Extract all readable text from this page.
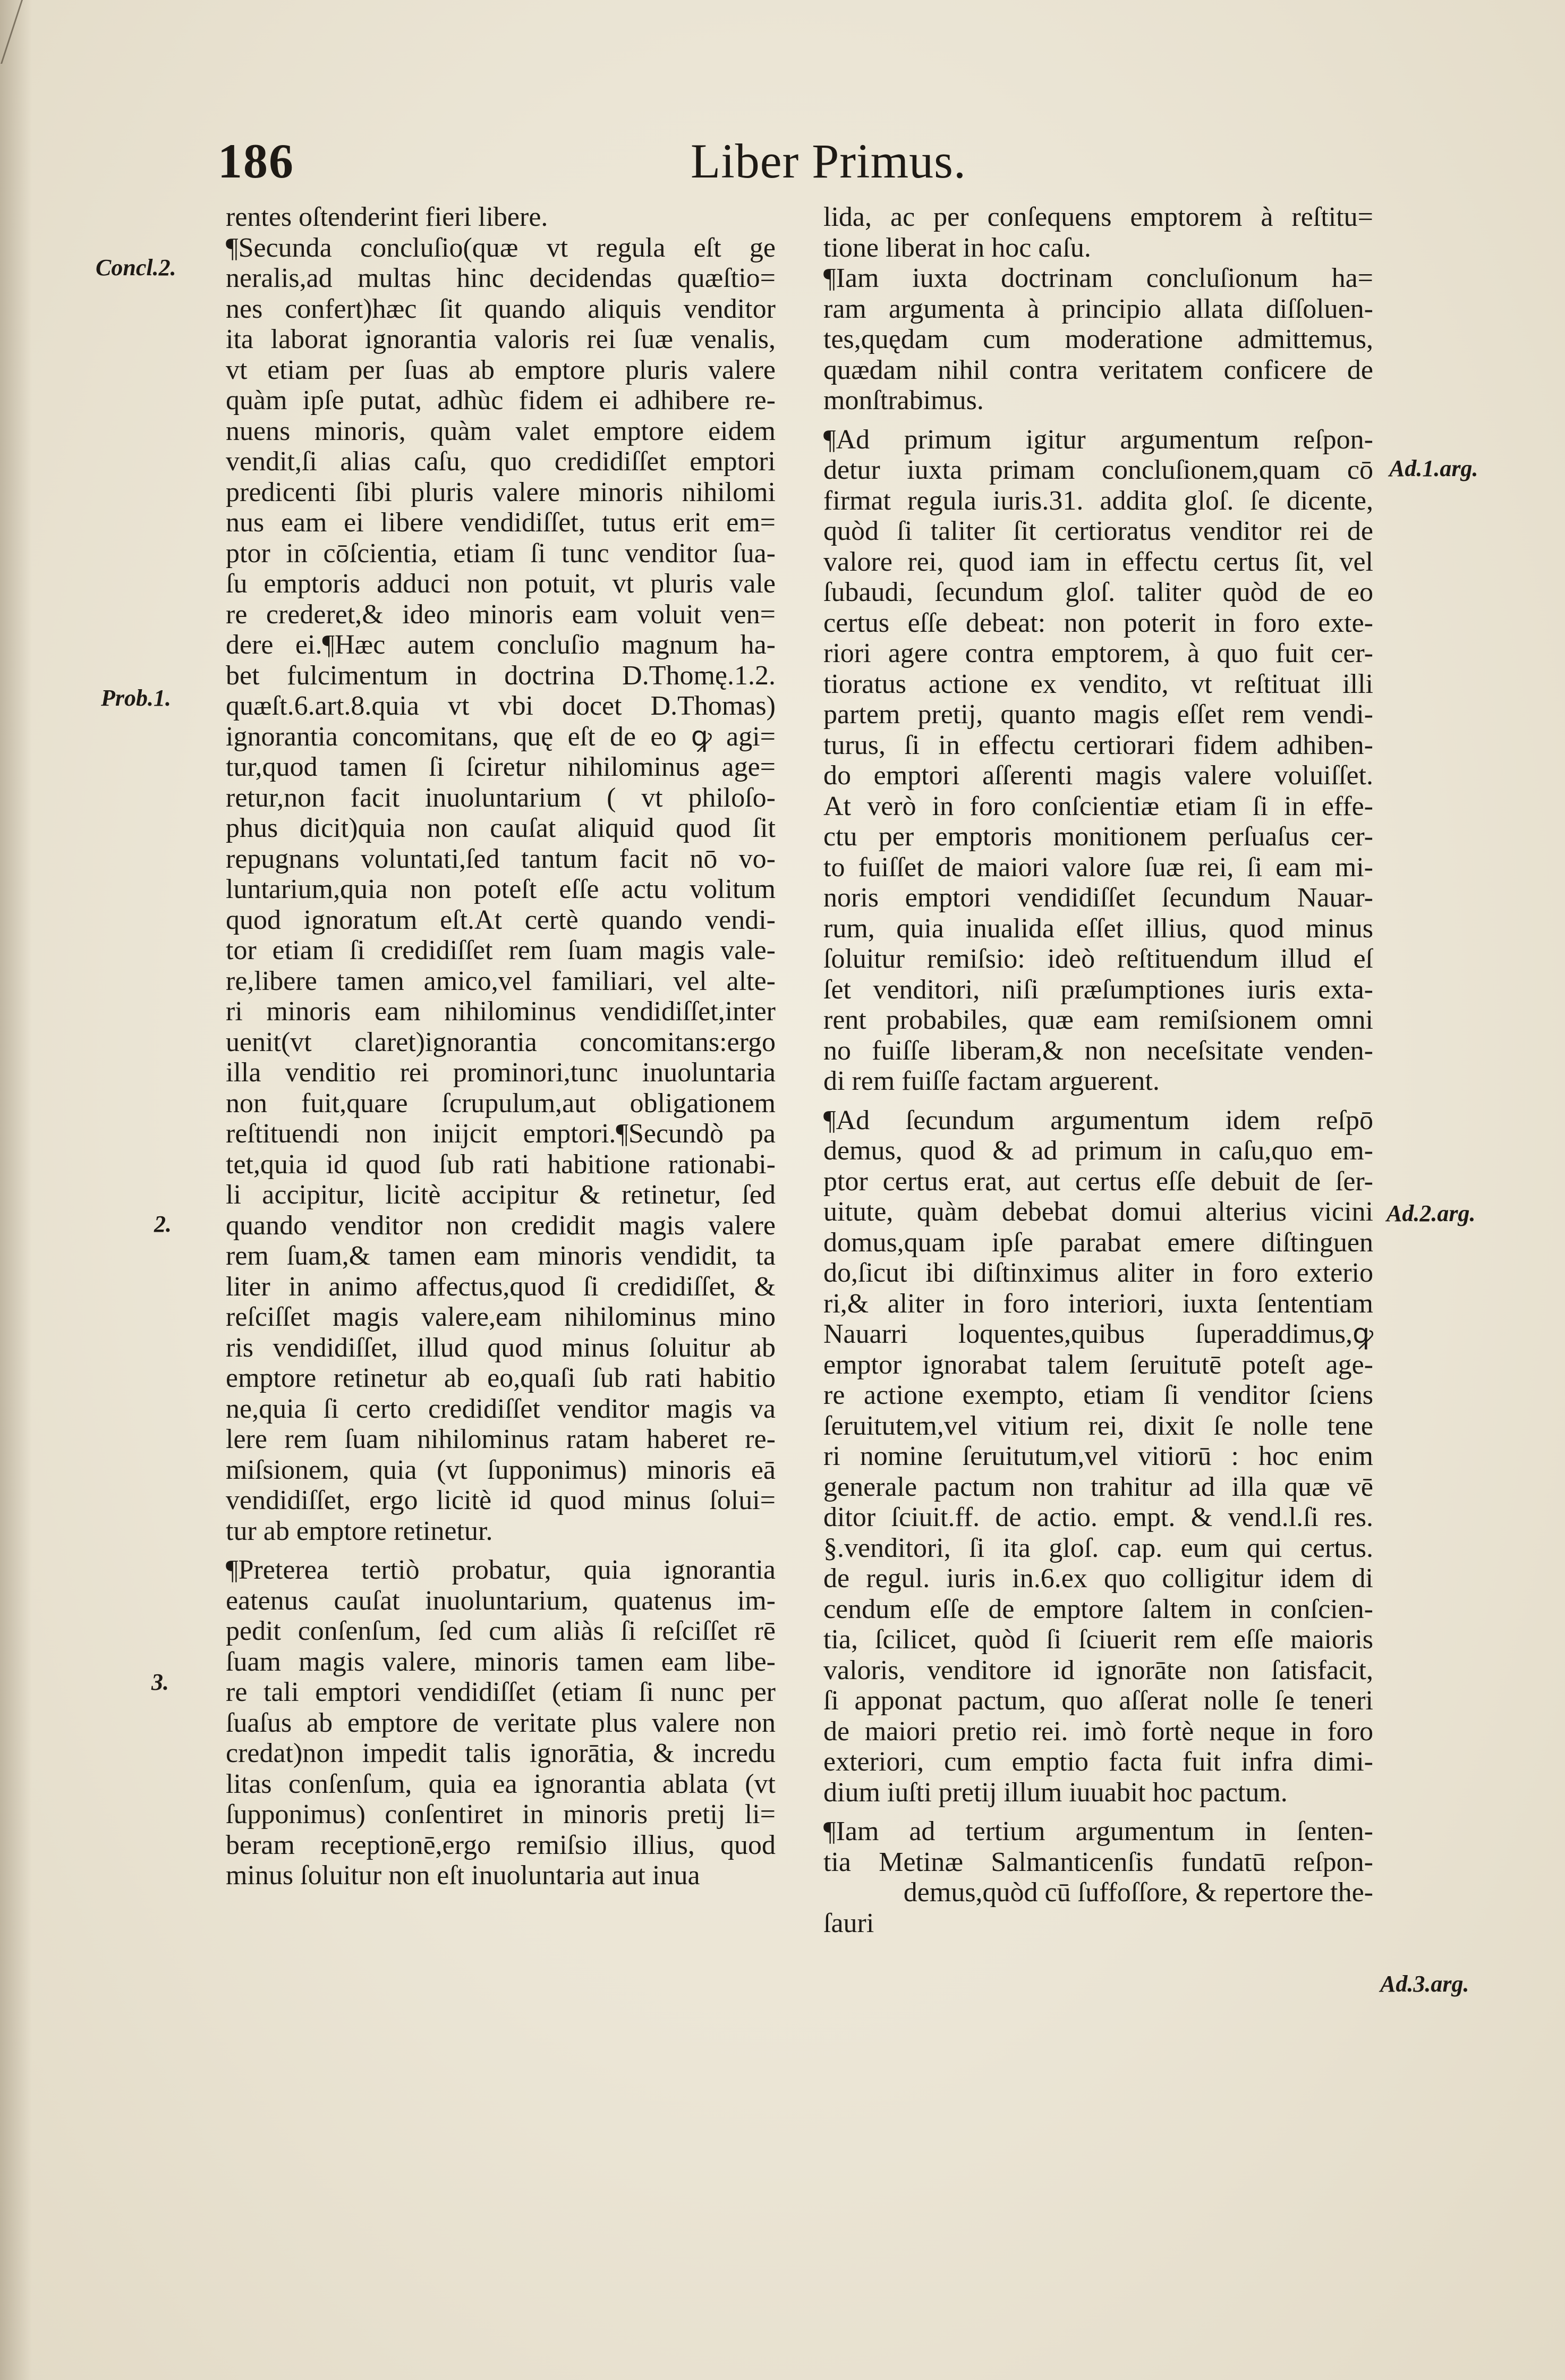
186	Liber Primus.
Concl.2.
Prob.1.
2.
3.
Ad.1.arg.
Ad.2.arg.
Ad.3.arg.
rentes oſtenderint fieri libere.
¶Secunda concluſio(quæ vt regula eſt ge
neralis,ad multas hinc decidendas quæſtio=
nes confert)hæc ſit quando aliquis venditor
ita laborat ignorantia valoris rei ſuæ venalis,
vt etiam per ſuas ab emptore pluris valere
quàm ipſe putat, adhùc fidem ei adhibere re-
nuens minoris, quàm valet emptore eidem
vendit,ſi alias caſu, quo credidiſſet emptori
predicenti ſibi pluris valere minoris nihilomi
nus eam ei libere vendidiſſet, tutus erit em=
ptor in cōſcientia, etiam ſi tunc venditor ſua-
ſu emptoris adduci non potuit, vt pluris vale
re crederet,& ideo minoris eam voluit ven=
dere ei.¶Hæc autem concluſio magnum ha-
bet fulcimentum in doctrina D.Thomę.1.2.
quæſt.6.art.8.quia vt vbi docet D.Thomas)
ignorantia concomitans, quę eſt de eo ꝙ agi=
tur,quod tamen ſi ſciretur nihilominus age=
retur,non facit inuoluntarium ( vt philoſo-
phus dicit)quia non cauſat aliquid quod ſit
repugnans voluntati,ſed tantum facit nō vo-
luntarium,quia non poteſt eſſe actu volitum
quod ignoratum eſt.At certè quando vendi-
tor etiam ſi credidiſſet rem ſuam magis vale-
re,libere tamen amico,vel familiari, vel alte-
ri minoris eam nihilominus vendidiſſet,inter
uenit(vt claret)ignorantia concomitans:ergo
illa venditio rei prominori,tunc inuoluntaria
non fuit,quare ſcrupulum,aut obligationem
reſtituendi non inijcit emptori.¶Secundò pa
tet,quia id quod ſub rati habitione rationabi-
li accipitur, licitè accipitur & retinetur, ſed
quando venditor non credidit magis valere
rem ſuam,& tamen eam minoris vendidit, ta
liter in animo affectus,quod ſi credidiſſet, &
reſciſſet magis valere,eam nihilominus mino
ris vendidiſſet, illud quod minus ſoluitur ab
emptore retinetur ab eo,quaſi ſub rati habitio
ne,quia ſi certo credidiſſet venditor magis va
lere rem ſuam nihilominus ratam haberet re-
miſsionem, quia (vt ſupponimus) minoris eā
vendidiſſet, ergo licitè id quod minus ſolui=
tur ab emptore retinetur.
¶Preterea tertiò probatur, quia ignorantia
eatenus cauſat inuoluntarium, quatenus im-
pedit conſenſum, ſed cum aliàs ſi reſciſſet rē
ſuam magis valere, minoris tamen eam libe-
re tali emptori vendidiſſet (etiam ſi nunc per
ſuaſus ab emptore de veritate plus valere non
credat)non impedit talis ignorātia, & incredu
litas conſenſum, quia ea ignorantia ablata (vt
ſupponimus) conſentiret in minoris pretij li=
beram receptionē,ergo remiſsio illius, quod
minus ſoluitur non eſt inuoluntaria aut inua
lida, ac per conſequens emptorem à reſtitu=
tione liberat in hoc caſu.
¶Iam iuxta doctrinam concluſionum ha=
ram argumenta à principio allata diſſoluen-
tes,quędam cum moderatione admittemus,
quædam nihil contra veritatem conficere de
monſtrabimus.
¶Ad primum igitur argumentum reſpon-
detur iuxta primam concluſionem,quam cō
firmat regula iuris.31. addita gloſ. ſe dicente,
quòd ſi taliter ſit certioratus venditor rei de
valore rei, quod iam in effectu certus ſit, vel
ſubaudi, ſecundum gloſ. taliter quòd de eo
certus eſſe debeat: non poterit in foro exte-
riori agere contra emptorem, à quo fuit cer-
tioratus actione ex vendito, vt reſtituat illi
partem pretij, quanto magis eſſet rem vendi-
turus, ſi in effectu certiorari fidem adhiben-
do emptori aſſerenti magis valere voluiſſet.
At verò in foro conſcientiæ etiam ſi in effe-
ctu per emptoris monitionem perſuaſus cer-
to fuiſſet de maiori valore ſuæ rei, ſi eam mi-
noris emptori vendidiſſet ſecundum Nauar-
rum, quia inualida eſſet illius, quod minus
ſoluitur remiſsio: ideò reſtituendum illud eſ
ſet venditori, niſi præſumptiones iuris exta-
rent probabiles, quæ eam remiſsionem omni
no fuiſſe liberam,& non neceſsitate venden-
di rem fuiſſe factam arguerent.
¶Ad ſecundum argumentum idem reſpō
demus, quod & ad primum in caſu,quo em-
ptor certus erat, aut certus eſſe debuit de ſer-
uitute, quàm debebat domui alterius vicini
domus,quam ipſe parabat emere diſtinguen
do,ſicut ibi diſtinximus aliter in foro exterio
ri,& aliter in foro interiori, iuxta ſententiam
Nauarri loquentes,quibus ſuperaddimus,ꝙ
emptor ignorabat talem ſeruitutē poteſt age-
re actione exempto, etiam ſi venditor ſciens
ſeruitutem,vel vitium rei, dixit ſe nolle tene
ri nomine ſeruitutum,vel vitiorū : hoc enim
generale pactum non trahitur ad illa quæ vē
ditor ſciuit.ff. de actio. empt. & vend.l.ſi res.
§.venditori, ſi ita gloſ. cap. eum qui certus.
de regul. iuris in.6.ex quo colligitur idem di
cendum eſſe de emptore ſaltem in conſcien-
tia, ſcilicet, quòd ſi ſciuerit rem eſſe maioris
valoris, venditore id ignorāte non ſatisfacit,
ſi apponat pactum, quo aſſerat nolle ſe teneri
de maiori pretio rei. imò fortè neque in foro
exteriori, cum emptio facta fuit infra dimi-
dium iuſti pretij illum iuuabit hoc pactum.
¶Iam ad tertium argumentum in ſenten-
tia Metinæ Salmanticenſis fundatū reſpon-
demus,quòd cū ſuffoſſore, & repertore the-
ſauri
